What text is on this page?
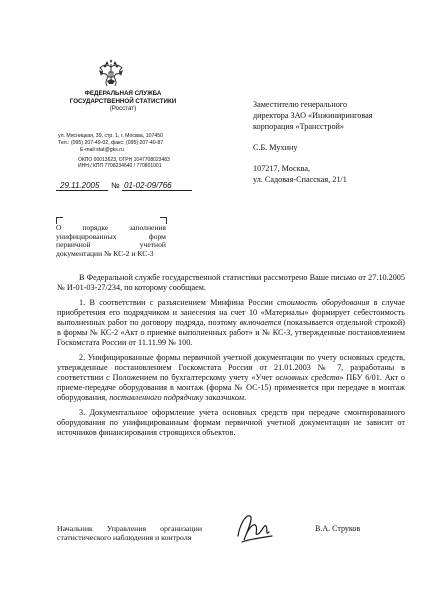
ФЕДЕРАЛЬНАЯ СЛУЖБА
ГОСУДАРСТВЕННОЙ СТАТИСТИКИ
(Росстат)
ул. Мясницкая, 39, стр. 1, г. Москва, 107450
Тел.: (095) 207-49-02, факс: (095) 207-40-87
E-mail:stat@gks.ru
ОКПО 00013623, ОГРН 1047708023483
ИНН / КПП 7708234640 / 770801001
29.11.2005 № 01-02-09/766
Заместителю генерального
директора ЗАО «Инжиниринговая
корпорация «Трансстрой»
С.Б. Мухину
107217, Москва,
ул. Садовая-Спасская, 21/1
О порядке заполнения унифицированных форм первичной учетной документации № КС-2 и КС-3

В Федеральной службе государственной статистики рассмотрено Ваше письмо от 27.10.2005 № И-01-03-27/234, по которому сообщаем.

1. В соответствии с разъяснением Минфина России стоимость оборудования в случае приобретения его подрядчиком и занесения на счет 10 «Материалы» формирует себестоимость выполненных работ по договору подряда, поэтому включается (показывается отдельной строкой) в формы № КС-2 «Акт о приемке выполненных работ» и № КС-3, утвержденные постановлением Госкомстата России от 11.11.99 № 100.

2. Унифицированные формы первичной учетной документации по учету основных средств, утвержденные постановлением Госкомстата России от 21.01.2003 № 7, разработаны в соответствии с Положением по бухгалтерскому учету «Учет основных средств» ПБУ 6/01. Акт о приеме-передаче оборудования в монтаж (форма № ОС-15) применяется при передаче в монтаж оборудования, поставленного подрядчику заказчиком.

3. Документальное оформление учета основных средств при передаче смонтированного оборудования по унифицированным формам первичной учетной документации не зависит от источников финансирования строящихся объектов.

Начальник Управления организации статистического наблюдения и контроля
В.А. Струков
